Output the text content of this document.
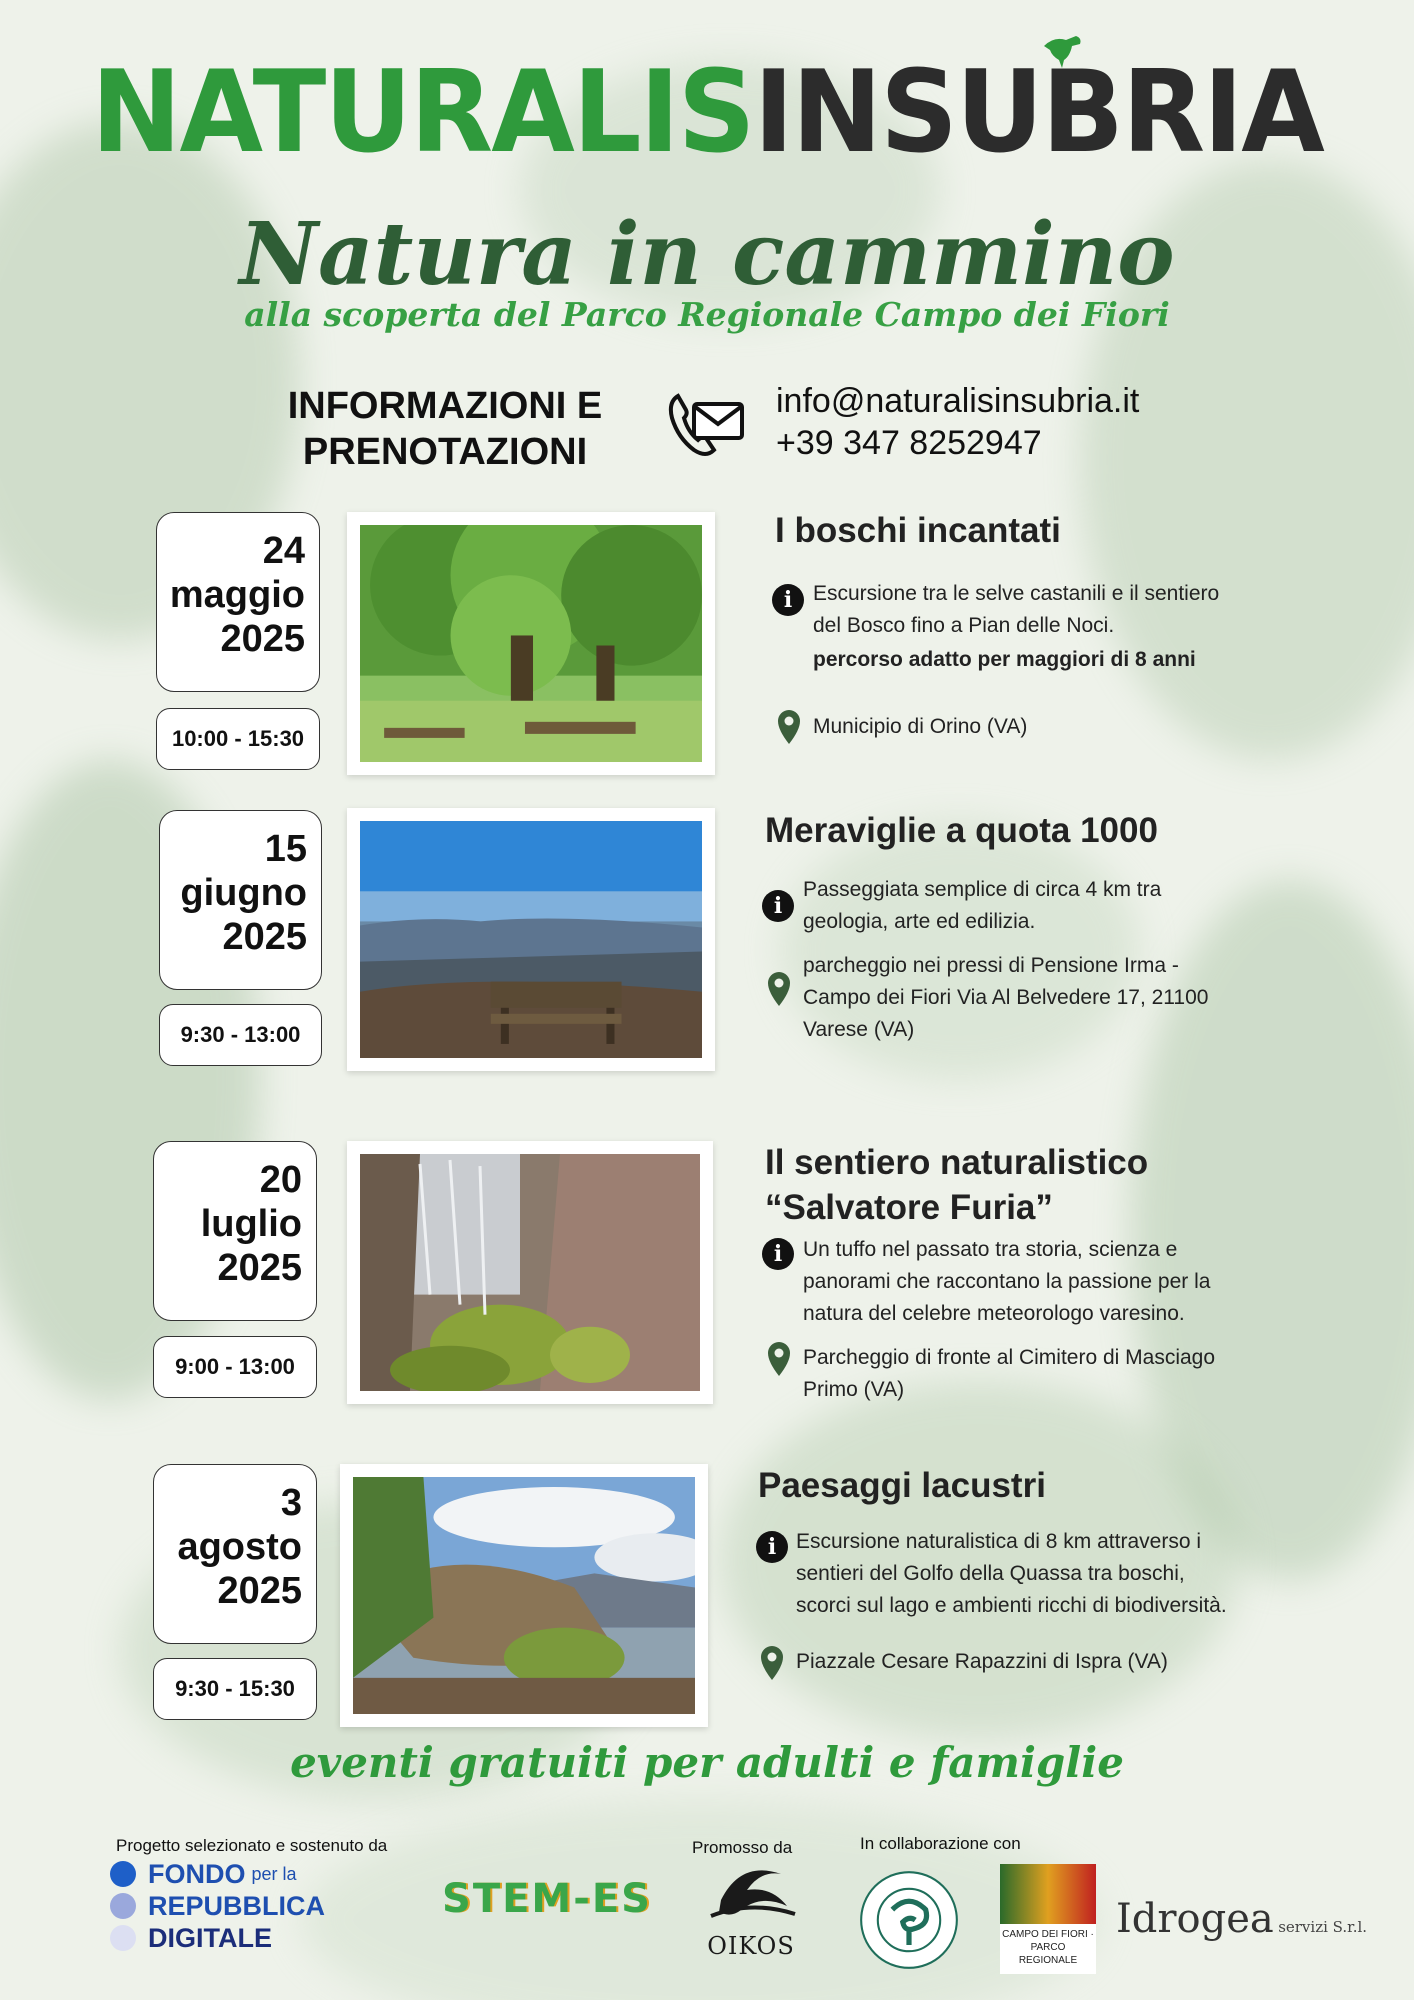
NATURALISINSUBRIA
Natura in cammino
alla scoperta del Parco Regionale Campo dei Fiori
INFORMAZIONI E
PRENOTAZIONI
info@naturalisinsubria.it
+39 347 8252947
24
maggio
2025
10:00 - 15:30
I boschi incantati
i Escursione tra le selve castanili e il sentiero
del Bosco fino a Pian delle Noci.
percorso adatto per maggiori di 8 anni
Municipio di Orino (VA)
15
giugno
2025
9:30 - 13:00
Meraviglie a quota 1000
i
Passeggiata semplice di circa 4 km tra
geologia, arte ed edilizia.
parcheggio nei pressi di Pensione Irma -
Campo dei Fiori Via Al Belvedere 17, 21100
Varese (VA)
20
luglio
2025
9:00 - 13:00
Il sentiero naturalistico
“Salvatore Furia”
i Un tuffo nel passato tra storia, scienza e
panorami che raccontano la passione per la
natura del celebre meteorologo varesino.
Parcheggio di fronte al Cimitero di Masciago
Primo (VA)
3
agosto
2025
9:30 - 15:30
Paesaggi lacustri
i Escursione naturalistica di 8 km attraverso i
sentieri del Golfo della Quassa tra boschi,
scorci sul lago e ambienti ricchi di biodiversità.
Piazzale Cesare Rapazzini di Ispra (VA)
eventi gratuiti per adulti e famiglie
Progetto selezionato e sostenuto da
FONDO per la
REPUBBLICA
DIGITALE
STEM-ES
Promosso da
OIKOS
In collaborazione con
CAMPO DEI FIORI · PARCO REGIONALE
Idrogea servizi S.r.l.
